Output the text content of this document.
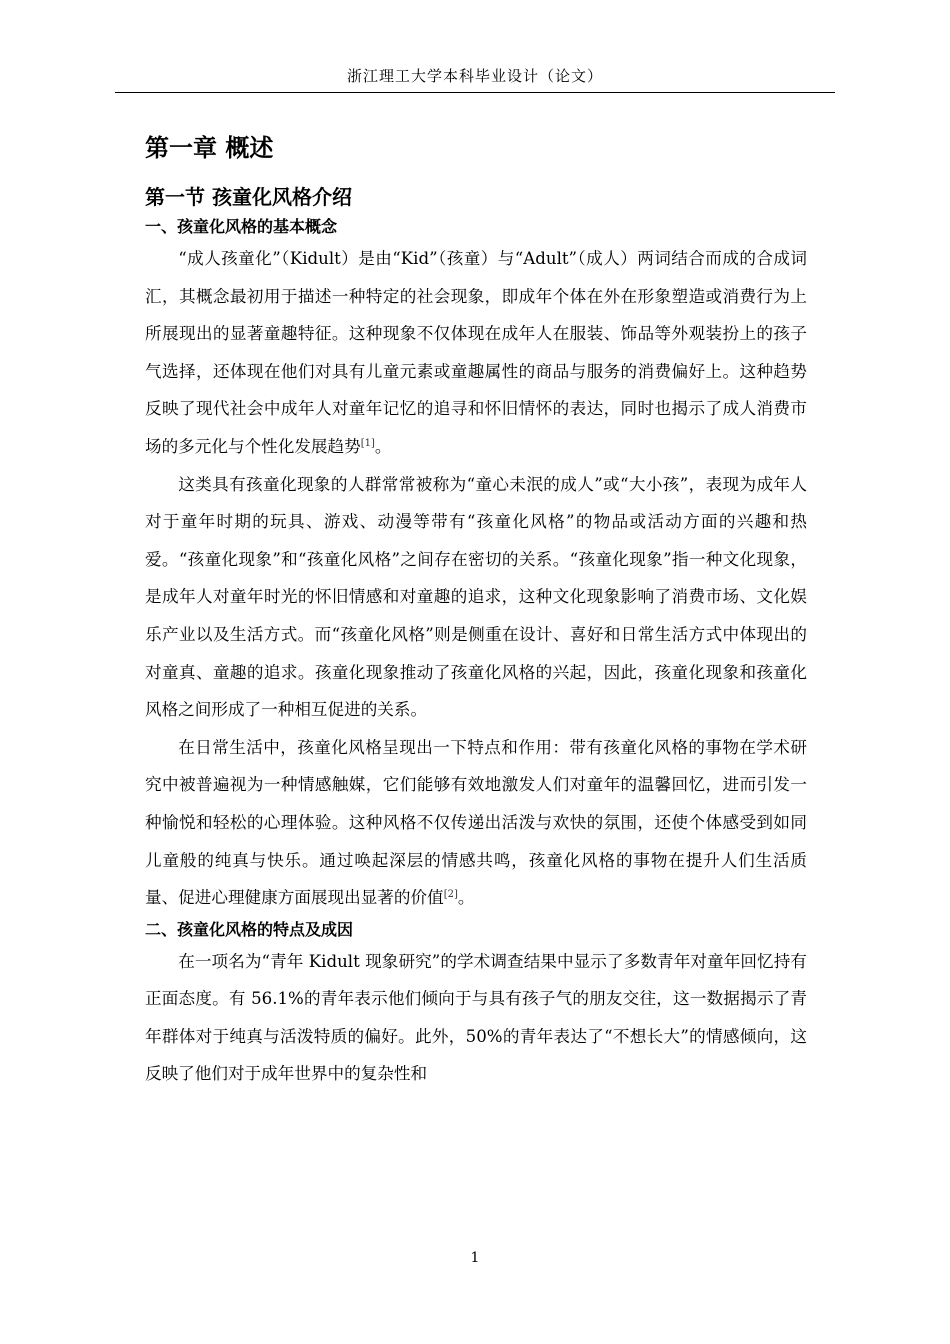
浙江理工大学本科毕业设计（论文）
第一章 概述
第一节 孩童化风格介绍
一、孩童化风格的基本概念

“成人孩童化”（Kidult）是由“Kid”（孩童）与“Adult”（成人）两词结合而成的合成词汇，其概念最初用于描述一种特定的社会现象，即成年个体在外在形象塑造或消费行为上所展现出的显著童趣特征。这种现象不仅体现在成年人在服装、饰品等外观装扮上的孩子气选择，还体现在他们对具有儿童元素或童趣属性的商品与服务的消费偏好上。这种趋势反映了现代社会中成年人对童年记忆的追寻和怀旧情怀的表达，同时也揭示了成人消费市场的多元化与个性化发展趋势[1]。

这类具有孩童化现象的人群常常被称为“童心未泯的成人”或“大小孩”，表现为成年人对于童年时期的玩具、游戏、动漫等带有“孩童化风格”的物品或活动方面的兴趣和热爱。“孩童化现象”和“孩童化风格”之间存在密切的关系。“孩童化现象”指一种文化现象，是成年人对童年时光的怀旧情感和对童趣的追求，这种文化现象影响了消费市场、文化娱乐产业以及生活方式。而“孩童化风格”则是侧重在设计、喜好和日常生活方式中体现出的对童真、童趣的追求。孩童化现象推动了孩童化风格的兴起，因此，孩童化现象和孩童化风格之间形成了一种相互促进的关系。

在日常生活中，孩童化风格呈现出一下特点和作用：带有孩童化风格的事物在学术研究中被普遍视为一种情感触媒，它们能够有效地激发人们对童年的温馨回忆，进而引发一种愉悦和轻松的心理体验。这种风格不仅传递出活泼与欢快的氛围，还使个体感受到如同儿童般的纯真与快乐。通过唤起深层的情感共鸣，孩童化风格的事物在提升人们生活质量、促进心理健康方面展现出显著的价值[2]。

二、孩童化风格的特点及成因

在一项名为“青年 Kidult 现象研究”的学术调查结果中显示了多数青年对童年回忆持有正面态度。有 56.1%的青年表示他们倾向于与具有孩子气的朋友交往，这一数据揭示了青年群体对于纯真与活泼特质的偏好。此外，50%的青年表达了“不想长大”的情感倾向，这反映了他们对于成年世界中的复杂性和

1
